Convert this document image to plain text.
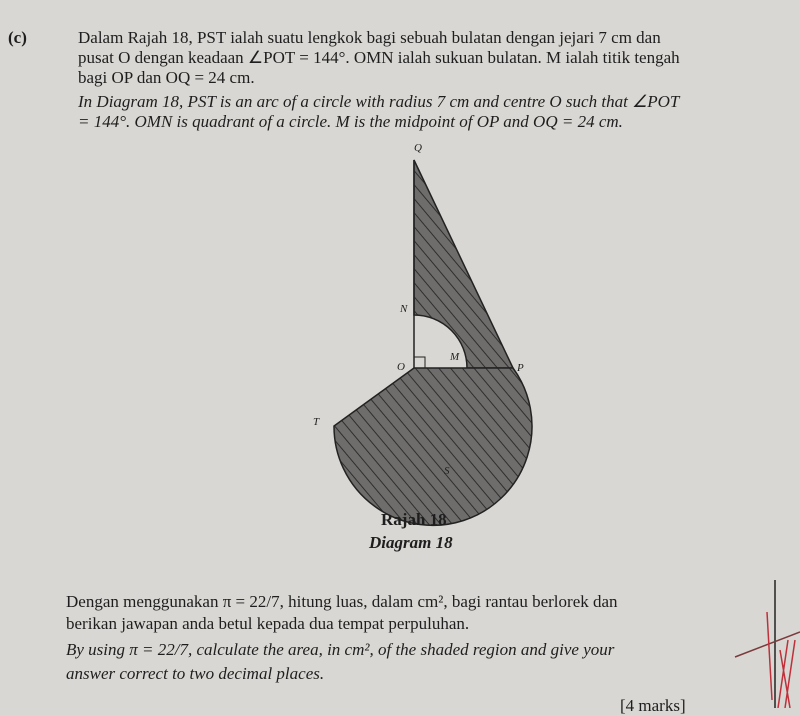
(c)	Dalam Rajah 18, PST ialah suatu lengkok bagi sebuah bulatan dengan jejari 7 cm dan
pusat O dengan keadaan ∠POT = 144°. OMN ialah sukuan bulatan. M ialah titik tengah
bagi OP dan OQ = 24 cm.
In Diagram 18, PST is an arc of a circle with radius 7 cm and centre O such that ∠POT
= 144°. OMN is quadrant of a circle. M is the midpoint of OP and OQ = 24 cm.
Q
N
O
M
P
T
S
Rajah 18
Diagram 18
Dengan menggunakan π = 22/7, hitung luas, dalam cm², bagi rantau berlorek dan
berikan jawapan anda betul kepada dua tempat perpuluhan.
By using π = 22/7, calculate the area, in cm², of the shaded region and give your
answer correct to two decimal places.
[4 marks]
